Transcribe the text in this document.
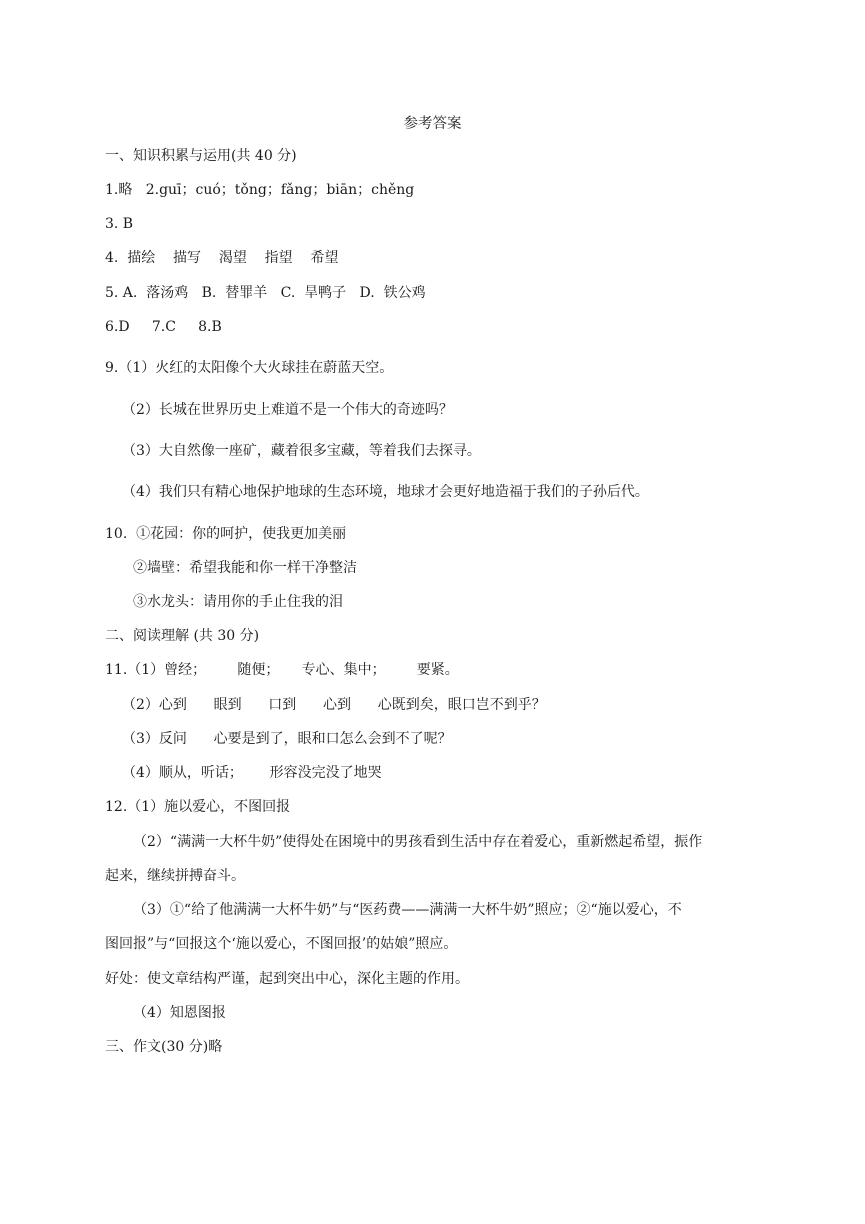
参考答案
一、知识积累与运用(共 40 分)
1.略   2.guī；cuó；tǒng；fǎng；biān；chěng
3. B
4.  描绘    描写    渴望    指望    希望
5. A.  落汤鸡   B.  替罪羊   C.  旱鸭子   D.  铁公鸡
6.D     7.C     8.B
9.（1）火红的太阳像个大火球挂在蔚蓝天空。
（2）长城在世界历史上难道不是一个伟大的奇迹吗？
（3）大自然像一座矿，藏着很多宝藏，等着我们去探寻。
（4）我们只有精心地保护地球的生态环境，地球才会更好地造福于我们的子孙后代。
10.  ①花园：你的呵护，使我更加美丽
②墙壁：希望我能和你一样干净整洁
③水龙头：请用你的手止住我的泪
二、阅读理解 (共 30 分)
11.（1）曾经；       随便；     专心、集中；       要紧。
（2）心到      眼到      口到      心到      心既到矣，眼口岂不到乎？
（3）反问      心要是到了，眼和口怎么会到不了呢？
（4）顺从，听话；      形容没完没了地哭
12.（1）施以爱心，不图回报
（2）“满满一大杯牛奶”使得处在困境中的男孩看到生活中存在着爱心，重新燃起希望，振作
起来，继续拼搏奋斗。
（3）①“给了他满满一大杯牛奶”与“医药费——满满一大杯牛奶”照应；②“施以爱心，不
图回报”与“回报这个‘施以爱心，不图回报’的姑娘”照应。
好处：使文章结构严谨，起到突出中心，深化主题的作用。
（4）知恩图报
三、作文(30 分)略
